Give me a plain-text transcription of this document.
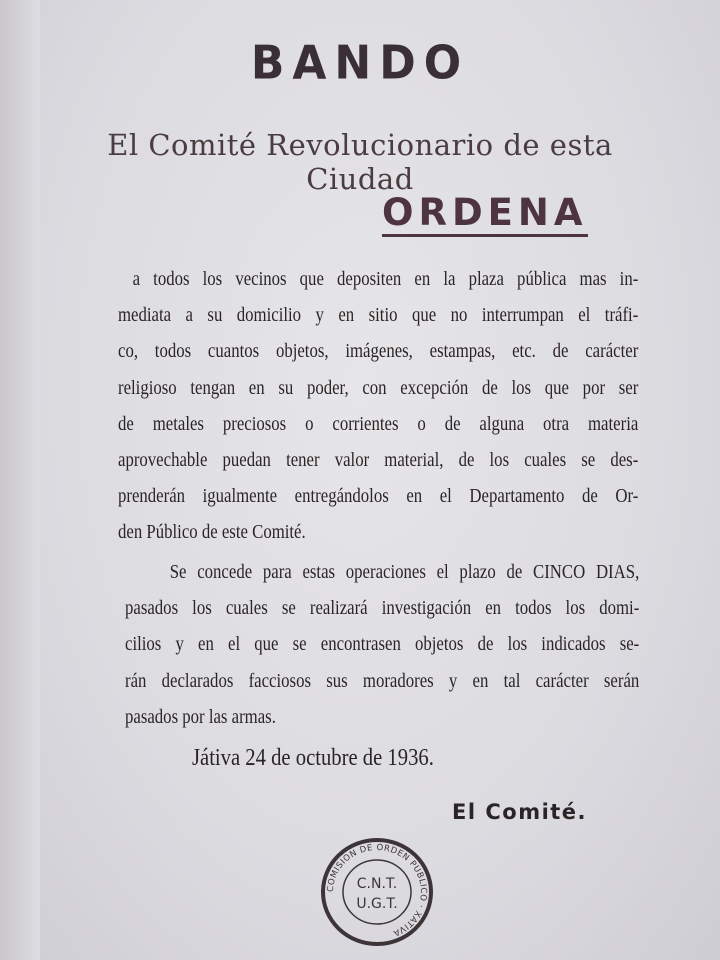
BANDO
El Comité Revolucionario de esta Ciudad
ORDENA
a todos los vecinos que depositen en la plaza pública mas in-
mediata a su domicilio y en sitio que no interrumpan el tráfi-
co, todos cuantos objetos, imágenes, estampas, etc. de carácter
religioso tengan en su poder, con excepción de los que por ser
de metales preciosos o corrientes o de alguna otra materia
aprovechable puedan tener valor material, de los cuales se des-
prenderán igualmente entregándolos en el Departamento de Or-
den Público de este Comité.
Se concede para estas operaciones el plazo de CINCO DIAS,
pasados los cuales se realizará investigación en todos los domi-
cilios y en el que se encontrasen objetos de los indicados se-
rán declarados facciosos sus moradores y en tal carácter serán
pasados por las armas.
Játiva 24 de octubre de 1936.
El Comité.
COMISION DE ORDEN PUBLICO · XATIVA
C.N.T.
U.G.T.
